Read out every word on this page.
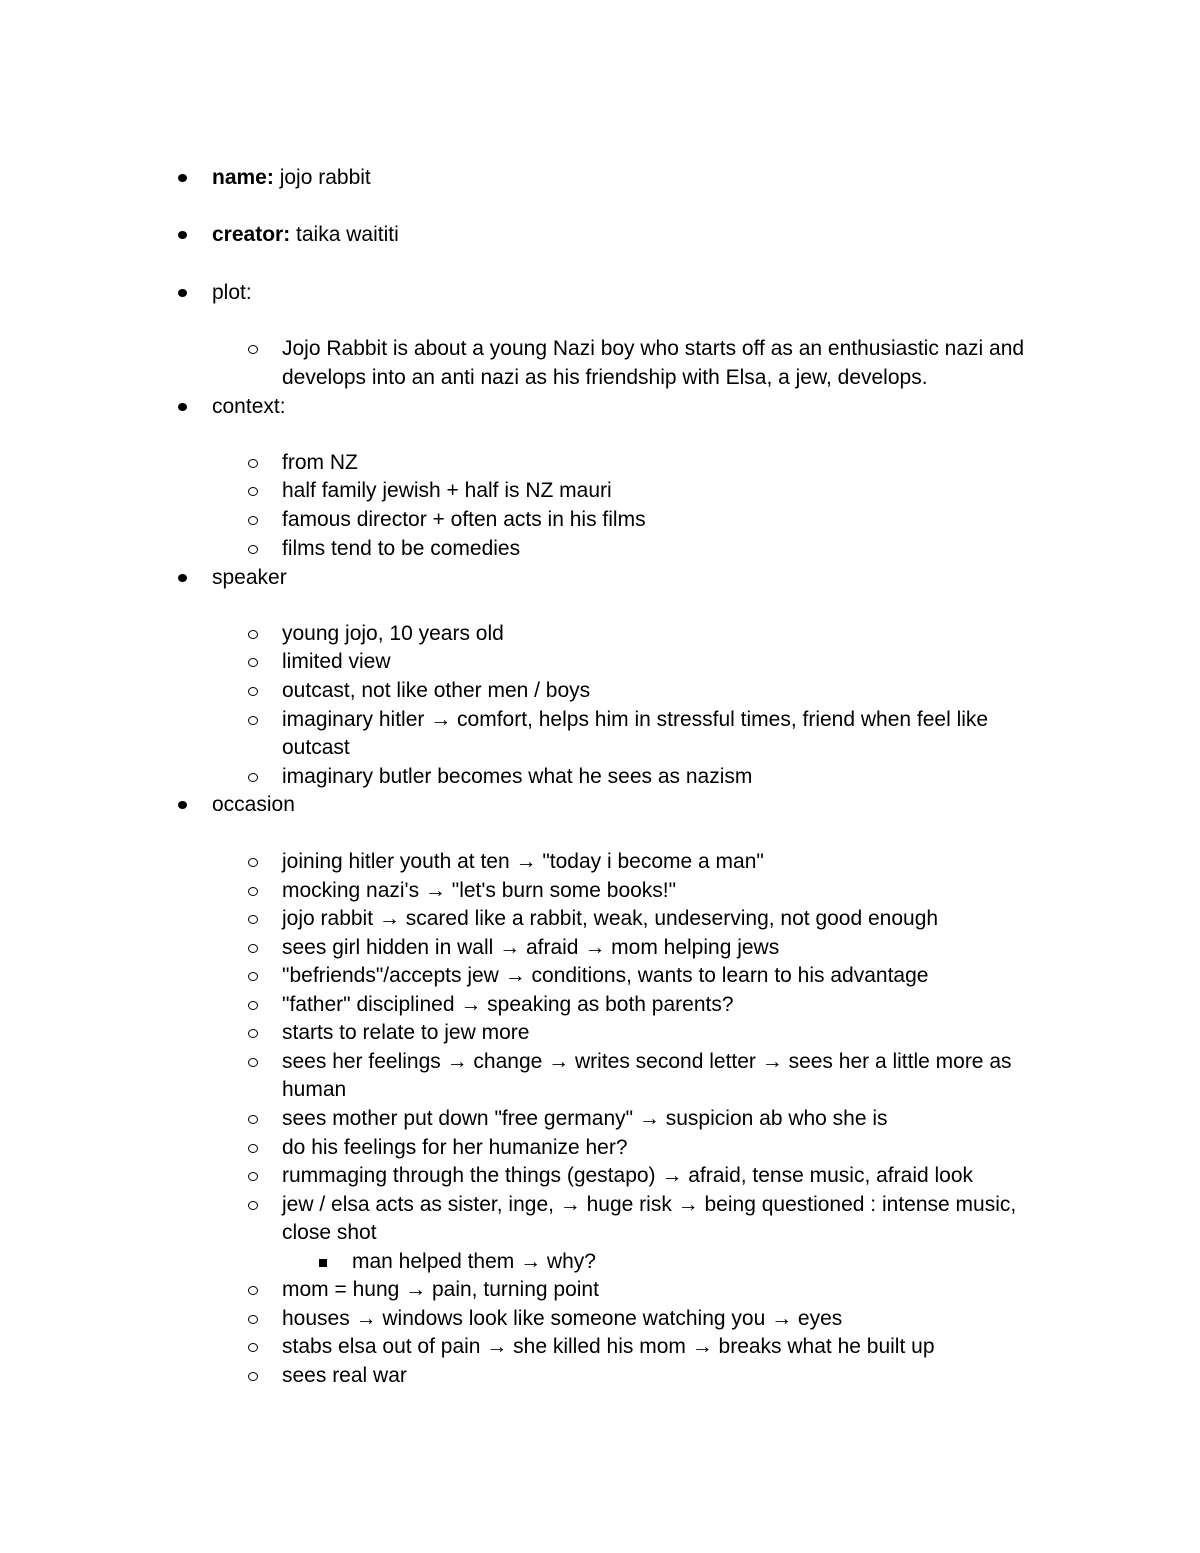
name: jojo rabbit
creator: taika waititi
plot:
Jojo Rabbit is about a young Nazi boy who starts off as an enthusiastic nazi and
develops into an anti nazi as his friendship with Elsa, a jew, develops.
context:
from NZ
half family jewish + half is NZ mauri
famous director + often acts in his films
films tend to be comedies
speaker
young jojo, 10 years old
limited view
outcast, not like other men / boys
imaginary hitler → comfort, helps him in stressful times, friend when feel like
outcast
imaginary butler becomes what he sees as nazism
occasion
joining hitler youth at ten → "today i become a man"
mocking nazi's → "let's burn some books!"
jojo rabbit → scared like a rabbit, weak, undeserving, not good enough
sees girl hidden in wall → afraid → mom helping jews
"befriends"/accepts jew → conditions, wants to learn to his advantage
"father" disciplined → speaking as both parents?
starts to relate to jew more
sees her feelings → change → writes second letter → sees her a little more as
human
sees mother put down "free germany" → suspicion ab who she is
do his feelings for her humanize her?
rummaging through the things (gestapo) → afraid, tense music, afraid look
jew / elsa acts as sister, inge, → huge risk → being questioned : intense music,
close shot
man helped them → why?
mom = hung → pain, turning point
houses → windows look like someone watching you → eyes
stabs elsa out of pain → she killed his mom → breaks what he built up
sees real war
